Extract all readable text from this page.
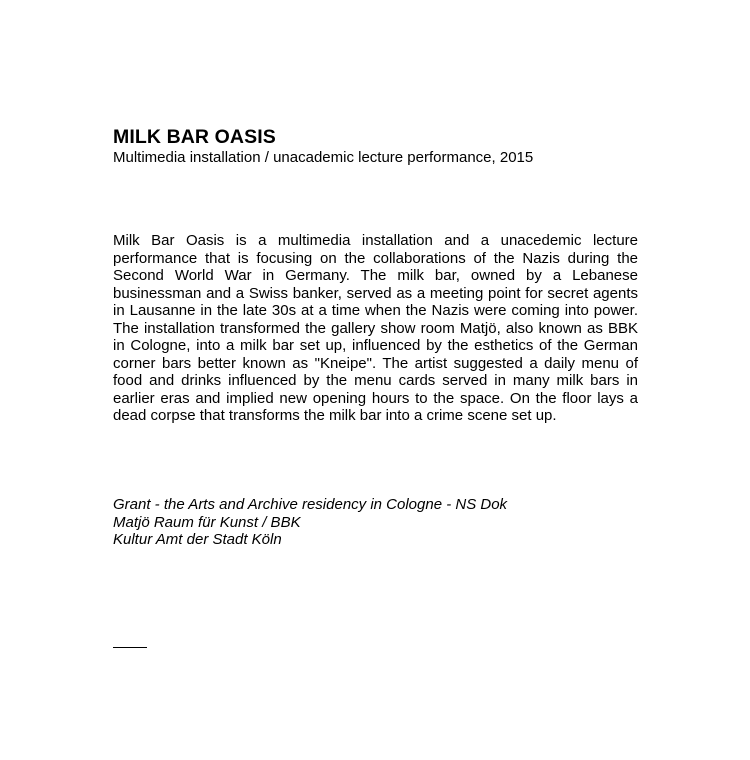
MILK BAR OASIS

Multimedia installation / unacademic lecture performance, 2015

Milk Bar Oasis is a multimedia installation and a unacedemic lecture performance that is focusing on the collaborations of the Nazis during the Second World War in Germany. The milk bar, owned by a Lebanese businessman and a Swiss banker, served as a meeting point for secret agents in Lausanne in the late 30s at a time when the Nazis were coming into power. The installation transformed the gallery show room Matjö, also known as BBK in Cologne, into a milk bar set up, influenced by the esthetics of the German corner bars better known as "Kneipe". The artist suggested a daily menu of food and drinks influenced by the menu cards served in many milk bars in earlier eras and implied new opening hours to the space. On the floor lays a dead corpse that transforms the milk bar into a crime scene set up.

Grant - the Arts and Archive residency in Cologne - NS Dok
Matjö Raum für Kunst / BBK
Kultur Amt der Stadt Köln
